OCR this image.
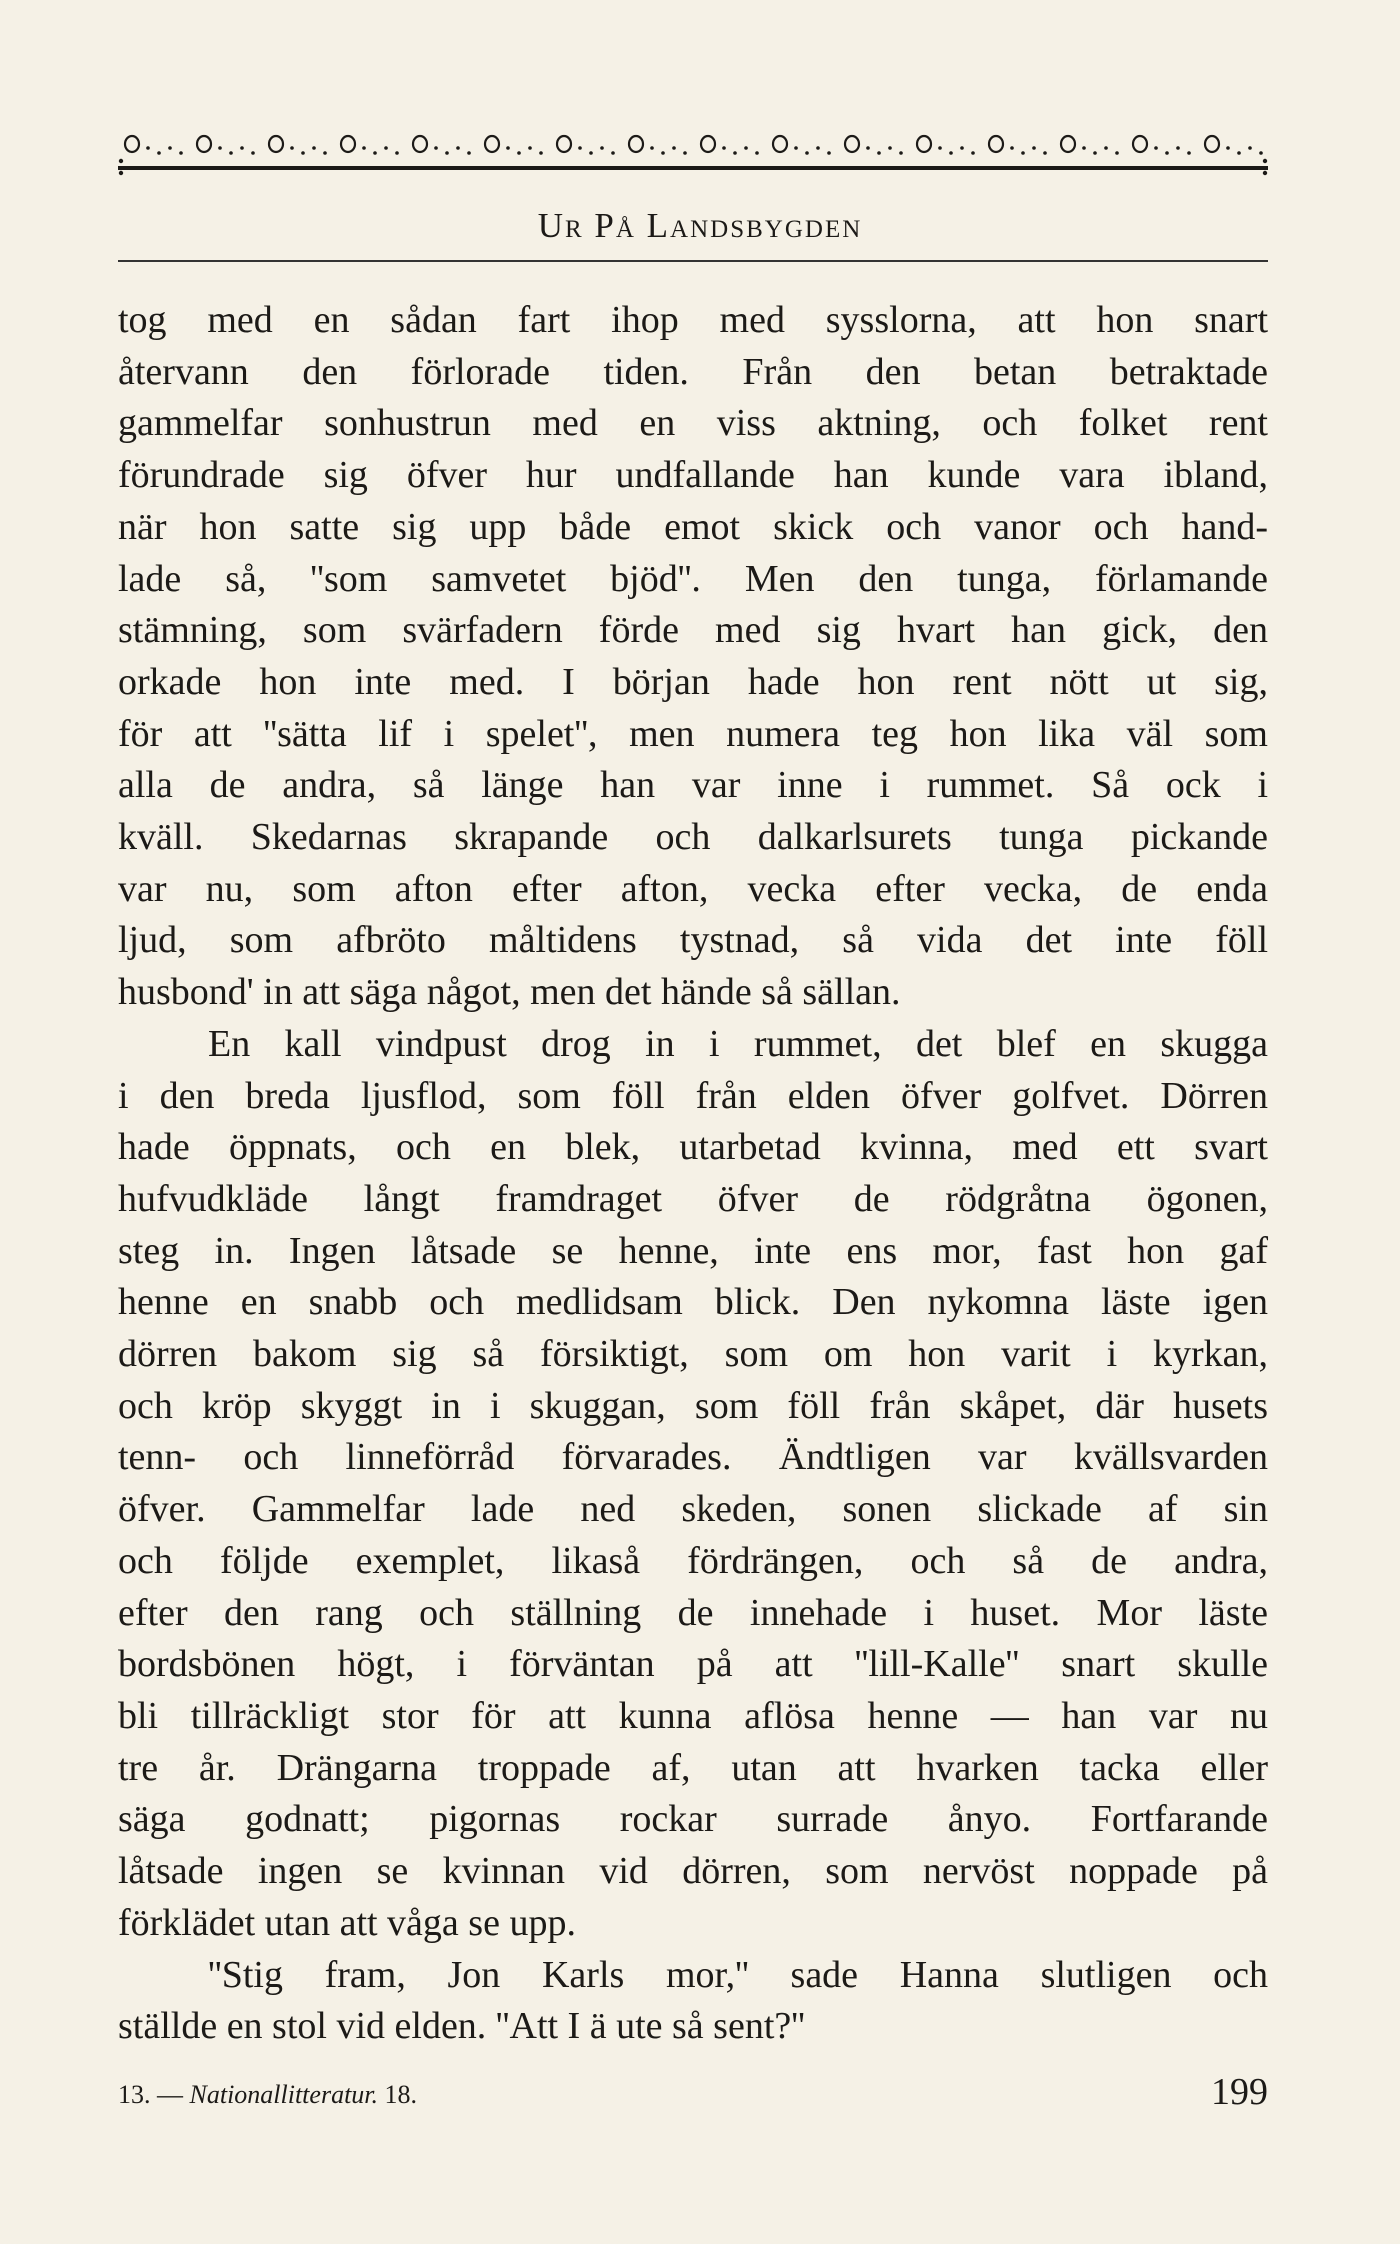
Ur På Landsbygden

tog med en sådan fart ihop med sysslorna, att hon snart

återvann den förlorade tiden. Från den betan betraktade

gammelfar sonhustrun med en viss aktning, och folket rent

förundrade sig öfver hur undfallande han kunde vara ibland,

när hon satte sig upp både emot skick och vanor och hand-

lade så, ''som samvetet bjöd''. Men den tunga, förlamande

stämning, som svärfadern förde med sig hvart han gick, den

orkade hon inte med. I början hade hon rent nött ut sig,

för att ''sätta lif i spelet'', men numera teg hon lika väl som

alla de andra, så länge han var inne i rummet. Så ock i

kväll. Skedarnas skrapande och dalkarlsurets tunga pickande

var nu, som afton efter afton, vecka efter vecka, de enda

ljud, som afbröto måltidens tystnad, så vida det inte föll

husbond' in att säga något, men det hände så sällan.

En kall vindpust drog in i rummet, det blef en skugga

i den breda ljusflod, som föll från elden öfver golfvet. Dörren

hade öppnats, och en blek, utarbetad kvinna, med ett svart

hufvudkläde långt framdraget öfver de rödgråtna ögonen,

steg in. Ingen låtsade se henne, inte ens mor, fast hon gaf

henne en snabb och medlidsam blick. Den nykomna läste igen

dörren bakom sig så försiktigt, som om hon varit i kyrkan,

och kröp skyggt in i skuggan, som föll från skåpet, där husets

tenn- och linneförråd förvarades. Ändtligen var kvällsvarden

öfver. Gammelfar lade ned skeden, sonen slickade af sin

och följde exemplet, likaså fördrängen, och så de andra,

efter den rang och ställning de innehade i huset. Mor läste

bordsbönen högt, i förväntan på att ''lill-Kalle'' snart skulle

bli tillräckligt stor för att kunna aflösa henne — han var nu

tre år. Drängarna troppade af, utan att hvarken tacka eller

säga godnatt; pigornas rockar surrade ånyo. Fortfarande

låtsade ingen se kvinnan vid dörren, som nervöst noppade på

förklädet utan att våga se upp.

''Stig fram, Jon Karls mor,'' sade Hanna slutligen och

ställde en stol vid elden. ''Att I ä ute så sent?''

13. — Nationallitteratur. 18.	199
